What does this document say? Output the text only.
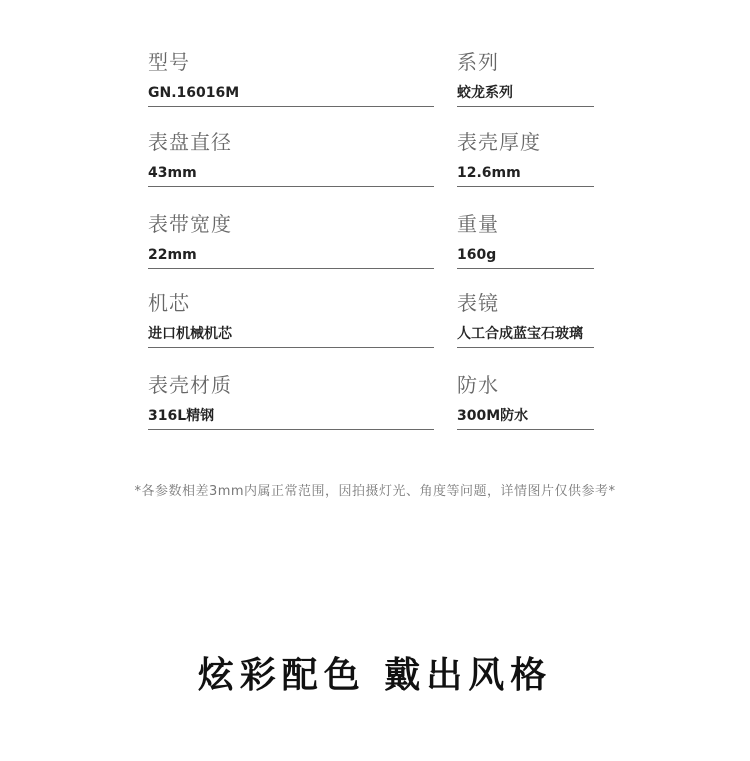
型号
GN.16016M
系列
蛟龙系列
表盘直径
43mm
表壳厚度
12.6mm
表带宽度
22mm
重量
160g
机芯
进口机械机芯
表镜
人工合成蓝宝石玻璃
表壳材质
316L精钢
防水
300M防水
*各参数相差3mm内属正常范围，因拍摄灯光、角度等问题，详情图片仅供参考*
炫彩配色 戴出风格
